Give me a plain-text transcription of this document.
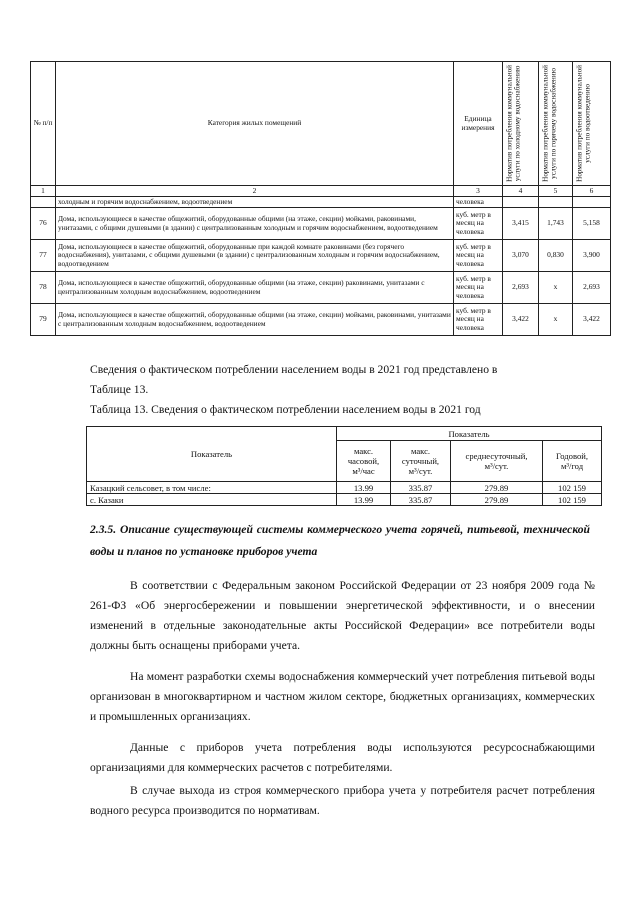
№ п/п	Категория жилых помещений	Единица измерения	Норматив потребления коммунальной услуги по холодному водоснабжению	Норматив потребления коммунальной услуги по горячему водоснабжению	Норматив потребления коммунальной услуги по водоотведению

1	2	3	4	5	6
	холодным и горячим водоснабжением, водоотведением	человека			
76	Дома, использующиеся в качестве общежитий, оборудованные общими (на этаже, секции) мойками, раковинами, унитазами, с общими душевыми (в здании) с централизованным холодным и горячим водоснабжением, водоотведением	куб. метр в месяц на человека	3,415	1,743	5,158
77	Дома, использующиеся в качестве общежитий, оборудованные при каждой комнате раковинами (без горячего водоснабжения), унитазами, с общими душевыми (в здании) с централизованным холодным и горячим водоснабжением, водоотведением	куб. метр в месяц на человека	3,070	0,830	3,900
78	Дома, использующиеся в качестве общежитий, оборудованные общими (на этаже, секции) раковинами, унитазами с централизованным холодным водоснабжением, водоотведением	куб. метр в месяц на человека	2,693	x	2,693
79	Дома, использующиеся в качестве общежитий, оборудованные общими (на этаже, секции) мойками, раковинами, унитазами с централизованным холодным водоснабжением, водоотведением	куб. метр в месяц на человека	3,422	x	3,422

Сведения о фактическом потреблении населением воды в 2021 год представлено в

Таблице 13.

Таблица 13. Сведения о фактическом потреблении населением воды в 2021 год

Показатель	Показатель			
	макс.
часовой,
м³/час	макс.
суточный,
м³/сут.	среднесуточный,
м³/сут.	Годовой,
м³/год
Казацкий сельсовет, в том числе:	13.99	335.87	279.89	102 159
с. Казаки	13.99	335.87	279.89	102 159

2.3.5. Описание существующей системы коммерческого учета горячей, питьевой, технической воды и планов по установке приборов учета

В соответствии с Федеральным законом Российской Федерации от 23 ноября 2009 года № 261-ФЗ «Об энергосбережении и повышении энергетической эффективности, и о внесении изменений в отдельные законодательные акты Российской Федерации» все потребители воды должны быть оснащены приборами учета.

На момент разработки схемы водоснабжения коммерческий учет потребления питьевой воды организован в многоквартирном и частном жилом секторе, бюджетных организациях, коммерческих и промышленных организациях.

Данные с приборов учета потребления воды используются ресурсоснабжающими организациями для коммерческих расчетов с потребителями.

В случае выхода из строя коммерческого прибора учета у потребителя расчет потребления водного ресурса производится по нормативам.
